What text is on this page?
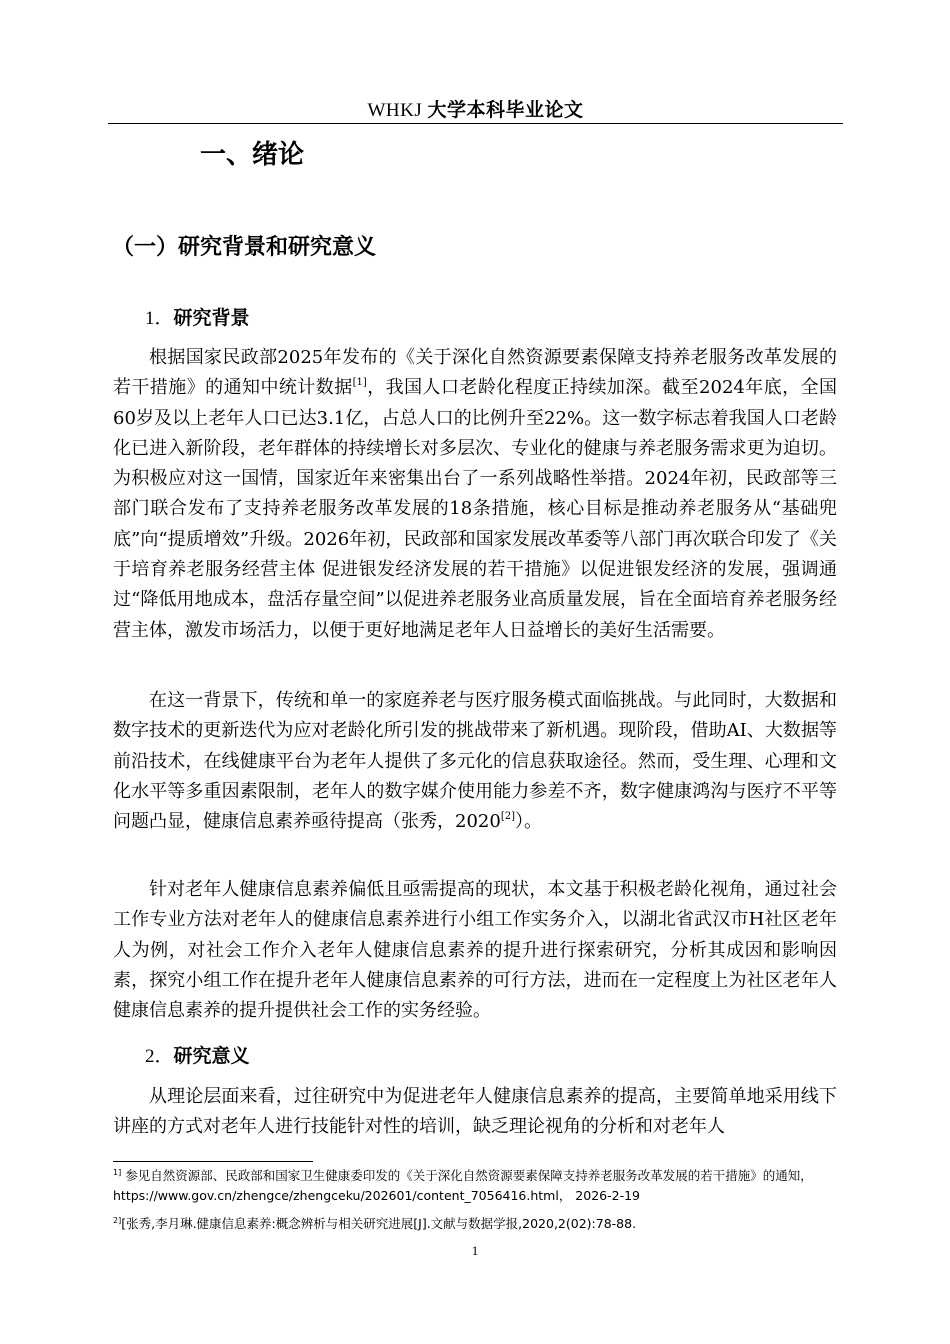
WHKJ 大学本科毕业论文
一、绪论
（一）研究背景和研究意义
1．研究背景

根据国家民政部2025年发布的《关于深化自然资源要素保障支持养老服务改革发展的若干措施》的通知中统计数据[1]，我国人口老龄化程度正持续加深。截至2024年底，全国60岁及以上老年人口已达3.1亿，占总人口的比例升至22%。这一数字标志着我国人口老龄化已进入新阶段，老年群体的持续增长对多层次、专业化的健康与养老服务需求更为迫切。为积极应对这一国情，国家近年来密集出台了一系列战略性举措。2024年初，民政部等三部门联合发布了支持养老服务改革发展的18条措施，核心目标是推动养老服务从“基础兜底”向“提质增效”升级。2026年初，民政部和国家发展改革委等八部门再次联合印发了《关于培育养老服务经营主体 促进银发经济发展的若干措施》以促进银发经济的发展，强调通过“降低用地成本，盘活存量空间”以促进养老服务业高质量发展，旨在全面培育养老服务经营主体，激发市场活力，以便于更好地满足老年人日益增长的美好生活需要。

在这一背景下，传统和单一的家庭养老与医疗服务模式面临挑战。与此同时，大数据和数字技术的更新迭代为应对老龄化所引发的挑战带来了新机遇。现阶段，借助AI、大数据等前沿技术，在线健康平台为老年人提供了多元化的信息获取途径。然而，受生理、心理和文化水平等多重因素限制，老年人的数字媒介使用能力参差不齐，数字健康鸿沟与医疗不平等问题凸显，健康信息素养亟待提高（张秀，2020[2]）。

针对老年人健康信息素养偏低且亟需提高的现状，本文基于积极老龄化视角，通过社会工作专业方法对老年人的健康信息素养进行小组工作实务介入，以湖北省武汉市H社区老年人为例，对社会工作介入老年人健康信息素养的提升进行探索研究，分析其成因和影响因素，探究小组工作在提升老年人健康信息素养的可行方法，进而在一定程度上为社区老年人健康信息素养的提升提供社会工作的实务经验。

2．研究意义

从理论层面来看，过往研究中为促进老年人健康信息素养的提高，主要简单地采用线下讲座的方式对老年人进行技能针对性的培训，缺乏理论视角的分析和对老年人

$^{1]}$ 参见自然资源部、民政部和国家卫生健康委印发的《关于深化自然资源要素保障支持养老服务改革发展的若干措施》的通知，https://www.gov.cn/zhengce/zhengceku/202601/content_7056416.html， 2026-2-19

$^{2]}$[张秀,李月琳.健康信息素养:概念辨析与相关研究进展[J].文献与数据学报,2020,2(02):78-88.

1
